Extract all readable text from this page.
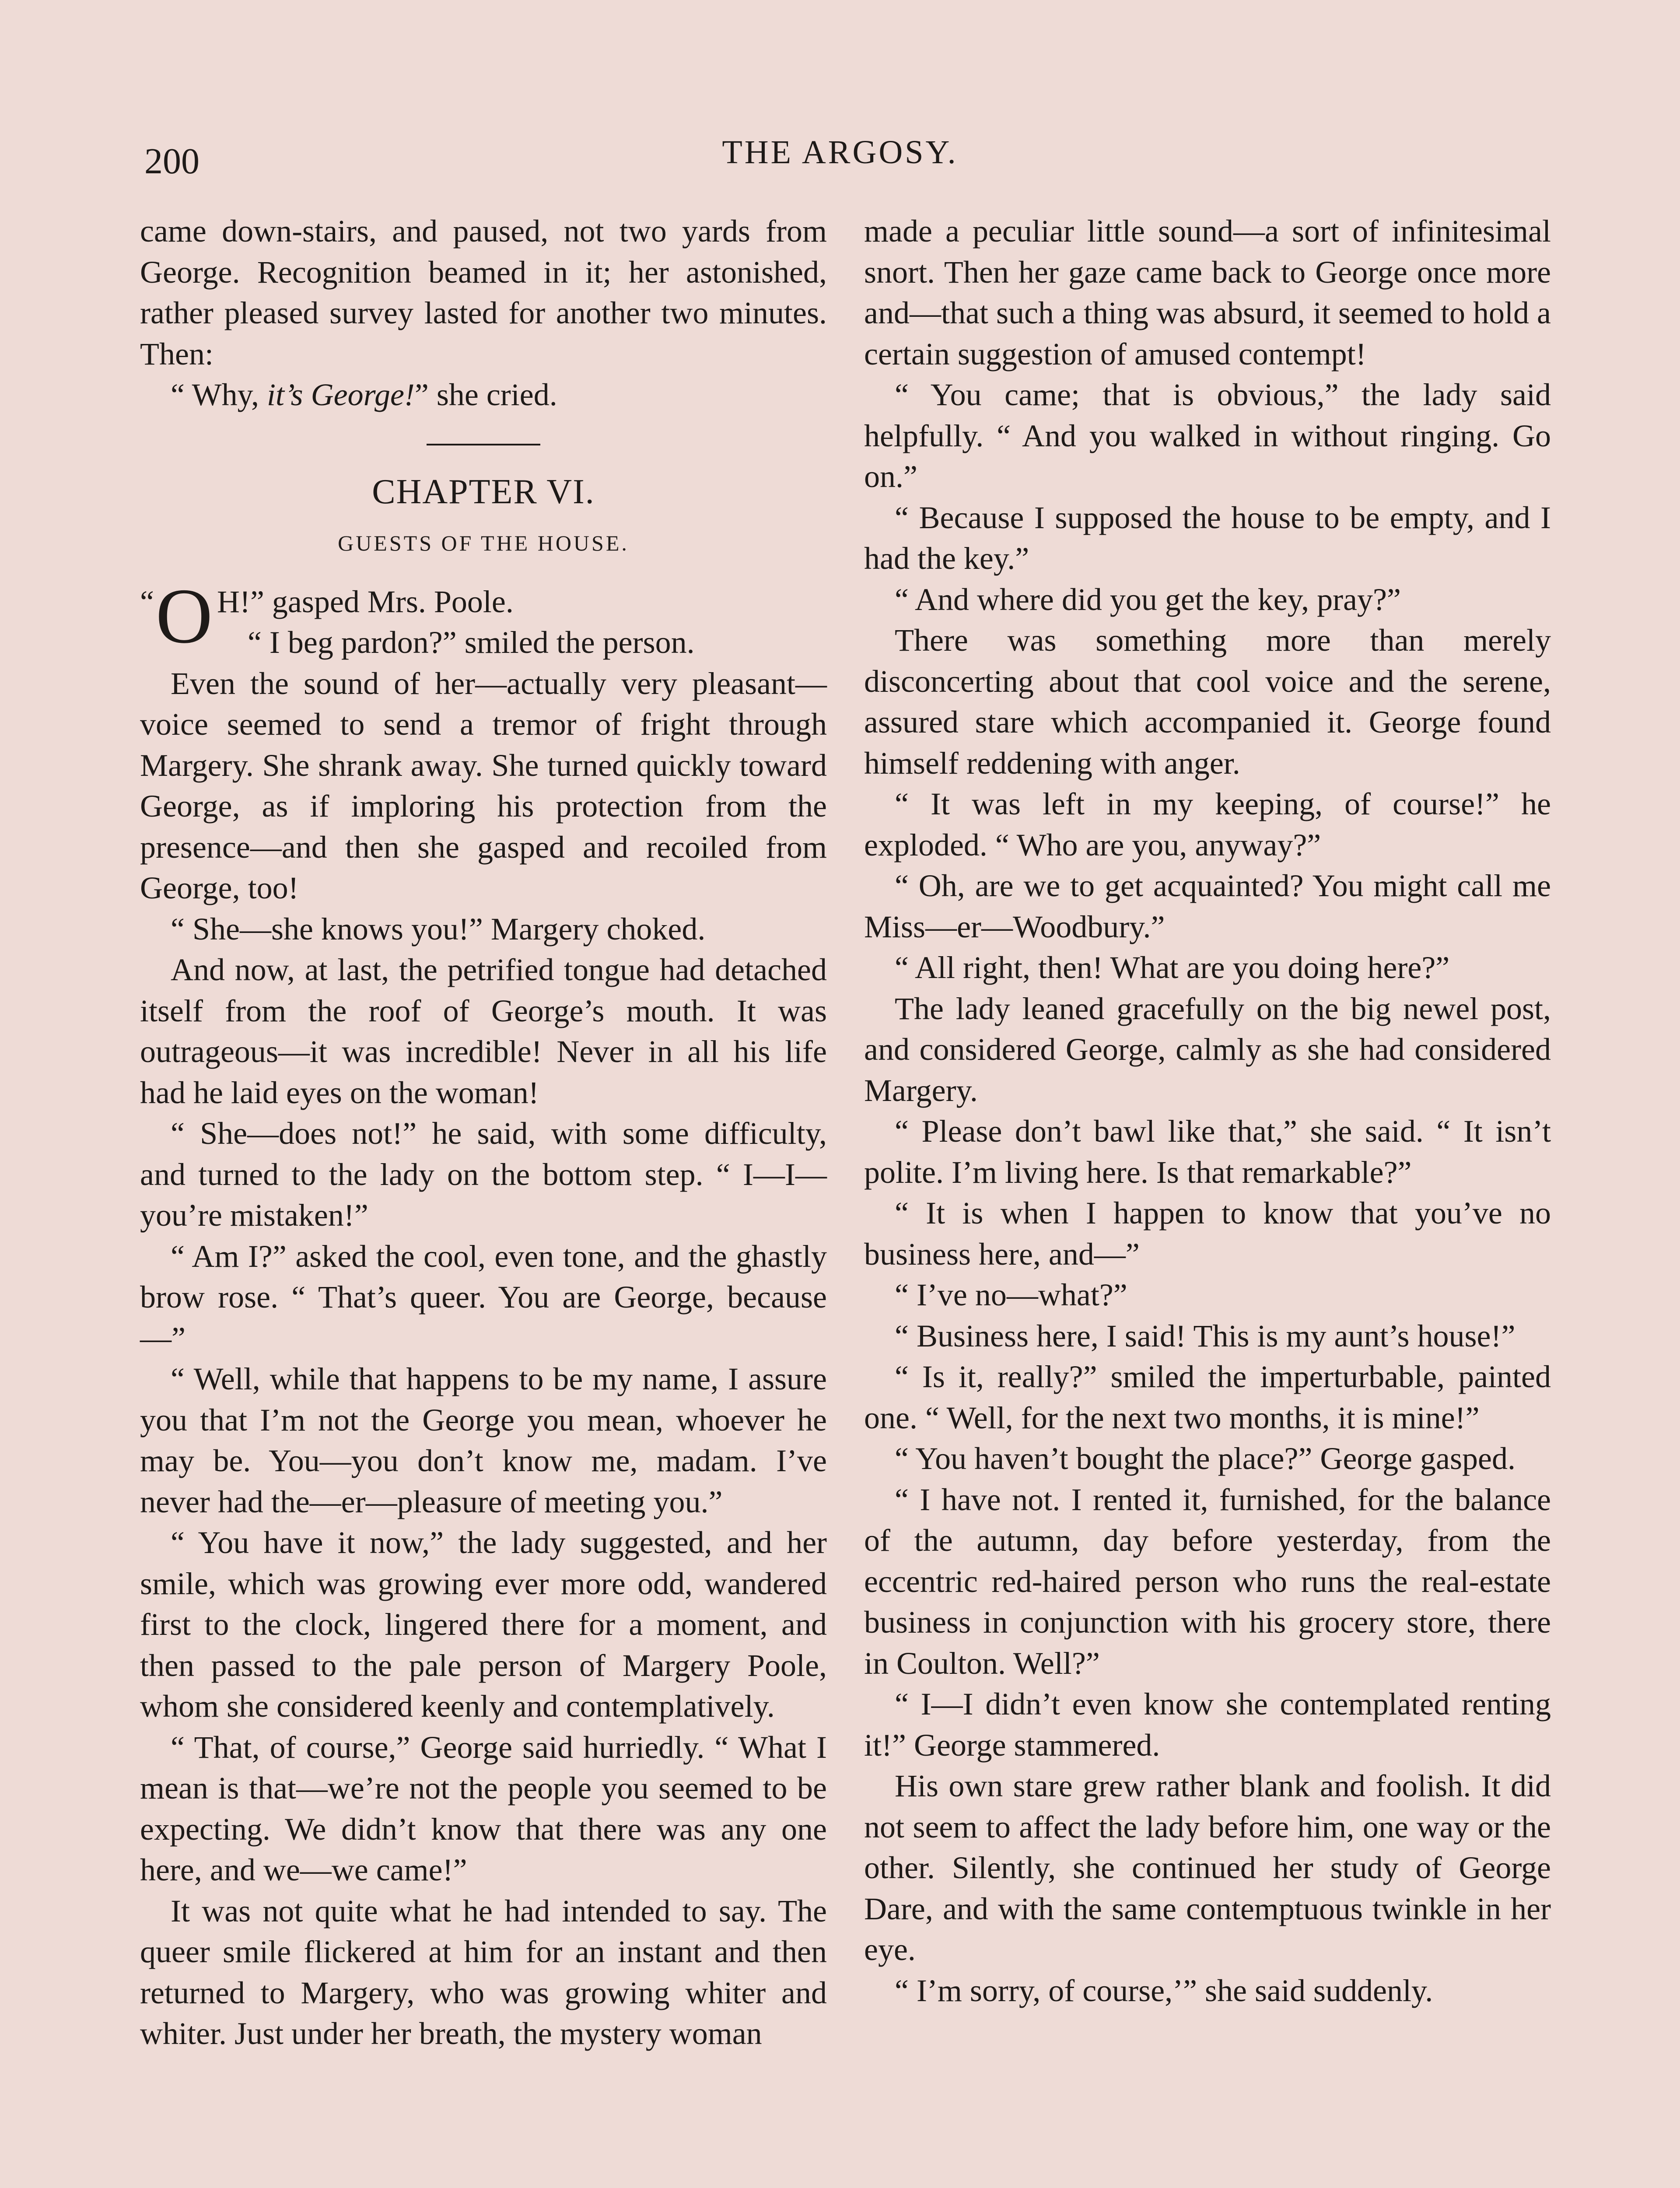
200	THE ARGOSY.

came down-stairs, and paused, not two yards from George. Recognition beamed in it; her astonished, rather pleased survey lasted for another two minutes. Then:

“ Why, it’s George!” she cried.

CHAPTER VI.
GUESTS OF THE HOUSE.

“ O H!” gasped Mrs. Poole.

“ I beg pardon?” smiled the person.

Even the sound of her—actually very pleasant—voice seemed to send a tremor of fright through Margery. She shrank away. She turned quickly toward George, as if imploring his protection from the presence—and then she gasped and recoiled from George, too!

“ She—she knows you!” Margery choked.

And now, at last, the petrified tongue had detached itself from the roof of George’s mouth. It was outrageous—it was incredible! Never in all his life had he laid eyes on the woman!

“ She—does not!” he said, with some difficulty, and turned to the lady on the bottom step. “ I—I—you’re mistaken!”

“ Am I?” asked the cool, even tone, and the ghastly brow rose. “ That’s queer. You are George, because—”

“ Well, while that happens to be my name, I assure you that I’m not the George you mean, whoever he may be. You—you don’t know me, madam. I’ve never had the—er—pleasure of meeting you.”

“ You have it now,” the lady suggested, and her smile, which was growing ever more odd, wandered first to the clock, lingered there for a moment, and then passed to the pale person of Margery Poole, whom she considered keenly and contemplatively.

“ That, of course,” George said hurriedly. “ What I mean is that—we’re not the people you seemed to be expecting. We didn’t know that there was any one here, and we—we came!”

It was not quite what he had intended to say. The queer smile flickered at him for an instant and then returned to Margery, who was growing whiter and whiter. Just under her breath, the mystery woman

made a peculiar little sound—a sort of infinitesimal snort. Then her gaze came back to George once more and—that such a thing was absurd, it seemed to hold a certain suggestion of amused contempt!

“ You came; that is obvious,” the lady said helpfully. “ And you walked in without ringing. Go on.”

“ Because I supposed the house to be empty, and I had the key.”

“ And where did you get the key, pray?”

There was something more than merely disconcerting about that cool voice and the serene, assured stare which accompanied it. George found himself reddening with anger.

“ It was left in my keeping, of course!” he exploded. “ Who are you, anyway?”

“ Oh, are we to get acquainted? You might call me Miss—er—Woodbury.”

“ All right, then! What are you doing here?”

The lady leaned gracefully on the big newel post, and considered George, calmly as she had considered Margery.

“ Please don’t bawl like that,” she said. “ It isn’t polite. I’m living here. Is that remarkable?”

“ It is when I happen to know that you’ve no business here, and—”

“ I’ve no—what?”

“ Business here, I said! This is my aunt’s house!”

“ Is it, really?” smiled the imperturbable, painted one. “ Well, for the next two months, it is mine!”

“ You haven’t bought the place?” George gasped.

“ I have not. I rented it, furnished, for the balance of the autumn, day before yesterday, from the eccentric red-haired person who runs the real-estate business in conjunction with his grocery store, there in Coulton. Well?”

“ I—I didn’t even know she contemplated renting it!” George stammered.

His own stare grew rather blank and foolish. It did not seem to affect the lady before him, one way or the other. Silently, she continued her study of George Dare, and with the same contemptuous twinkle in her eye.

“ I’m sorry, of course,’” she said suddenly.
